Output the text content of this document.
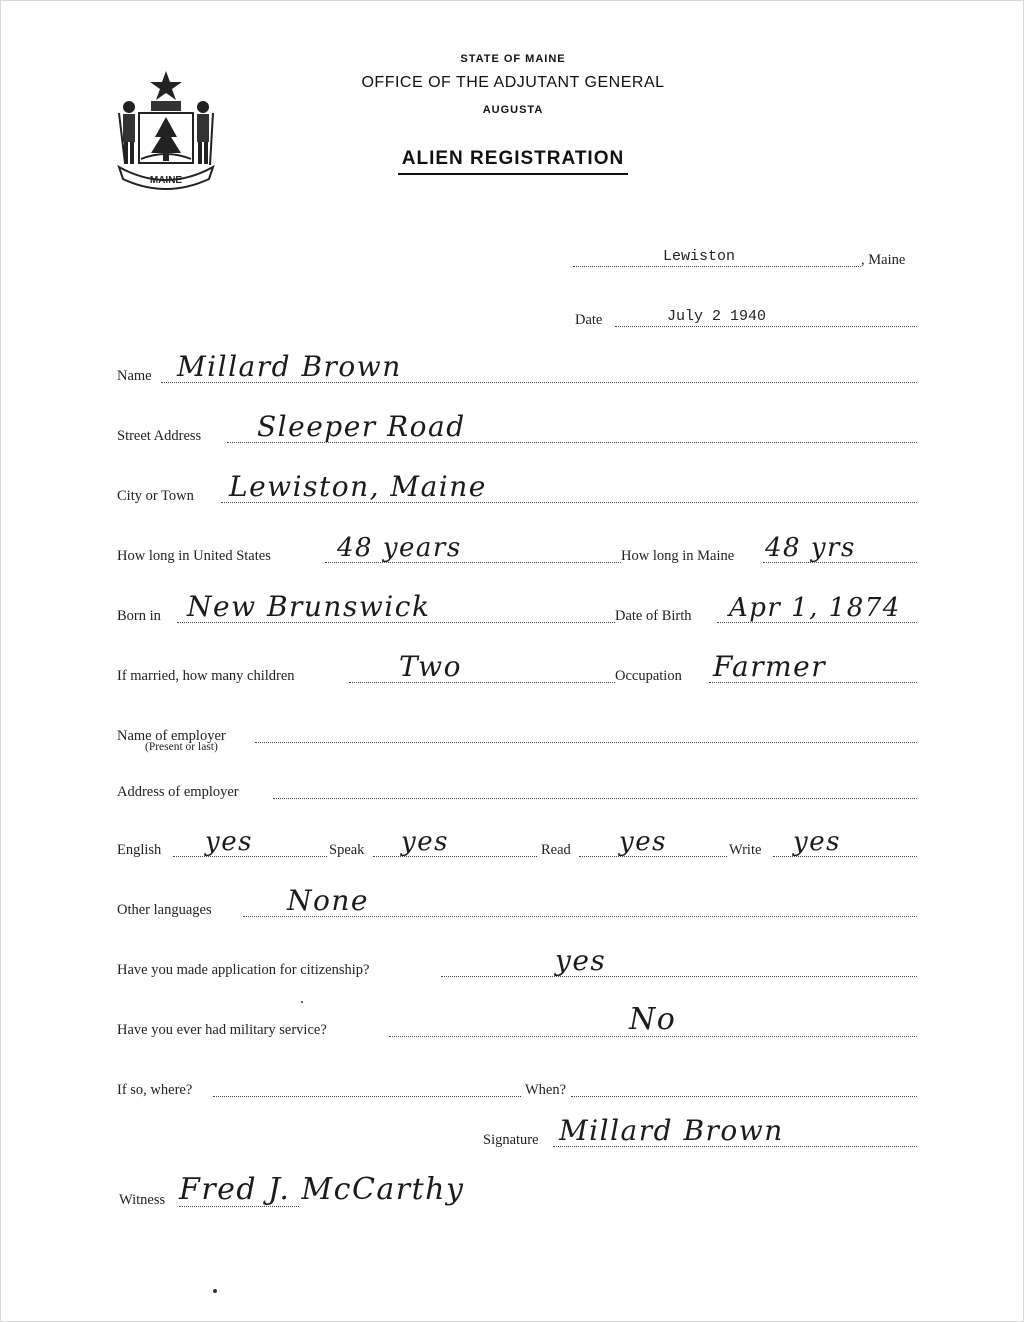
MAINE
STATE OF MAINE
OFFICE OF THE ADJUTANT GENERAL
AUGUSTA
ALIEN REGISTRATION
Lewiston	, Maine
Date	July 2 1940
Name Millard Brown
Street Address Sleeper Road
City or Town Lewiston, Maine
How long in United States	48 years	How long in Maine 48 yrs
Born in New Brunswick	Date of Birth Apr 1, 1874
If married, how many children	Two	Occupation Farmer
Name of employer
(Present or last)
Address of employer
English yes	Speak yes	Read yes	Write yes
Other languages	None
Have you made application for citizenship?	yes
Have you ever had military service?	No
If so, where?	When?
Signature Millard Brown
Witness Fred J. McCarthy
